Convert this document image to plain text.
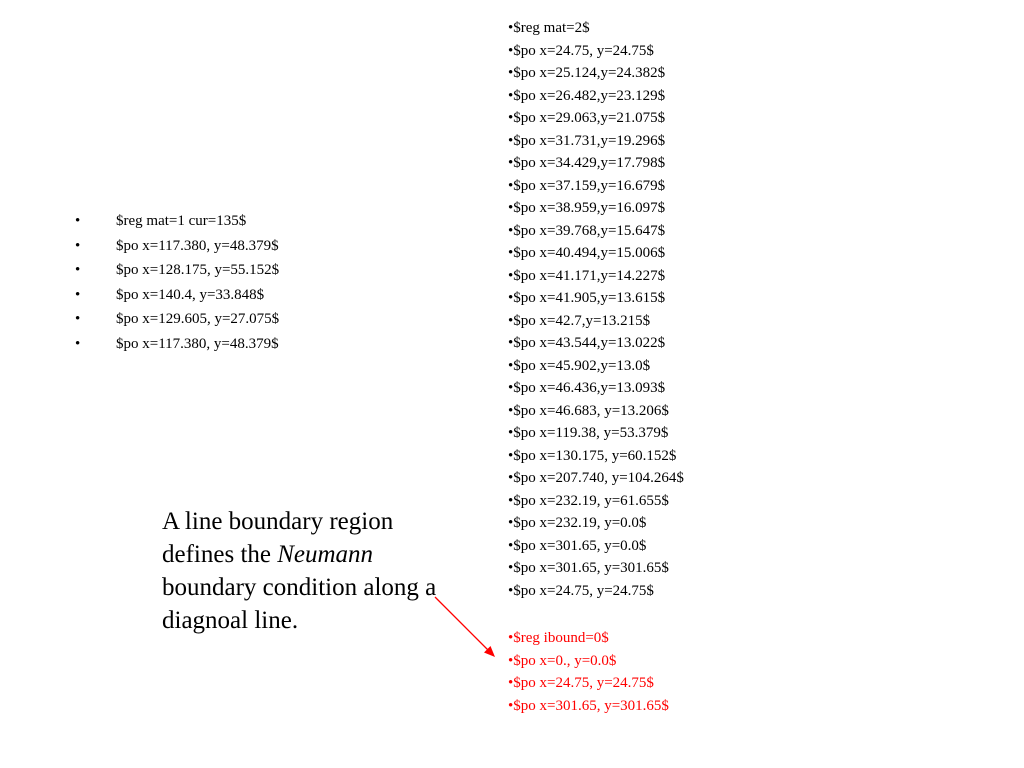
• $reg mat=1 cur=135$
• $po x=117.380, y=48.379$
• $po x=128.175, y=55.152$
• $po x=140.4, y=33.848$
• $po x=129.605, y=27.075$
• $po x=117.380, y=48.379$
• $reg mat=2$
• $po x=24.75, y=24.75$
• $po x=25.124,y=24.382$
• $po x=26.482,y=23.129$
• $po x=29.063,y=21.075$
• $po x=31.731,y=19.296$
• $po x=34.429,y=17.798$
• $po x=37.159,y=16.679$
• $po x=38.959,y=16.097$
• $po x=39.768,y=15.647$
• $po x=40.494,y=15.006$
• $po x=41.171,y=14.227$
• $po x=41.905,y=13.615$
• $po x=42.7,y=13.215$
• $po x=43.544,y=13.022$
• $po x=45.902,y=13.0$
• $po x=46.436,y=13.093$
• $po x=46.683, y=13.206$
• $po x=119.38, y=53.379$
• $po x=130.175, y=60.152$
• $po x=207.740, y=104.264$
• $po x=232.19, y=61.655$
• $po x=232.19, y=0.0$
• $po x=301.65, y=0.0$
• $po x=301.65, y=301.65$
• $po x=24.75, y=24.75$
• $reg ibound=0$
• $po x=0., y=0.0$
• $po x=24.75, y=24.75$
• $po x=301.65, y=301.65$
A line boundary region defines the Neumann boundary condition along a diagnoal line.
